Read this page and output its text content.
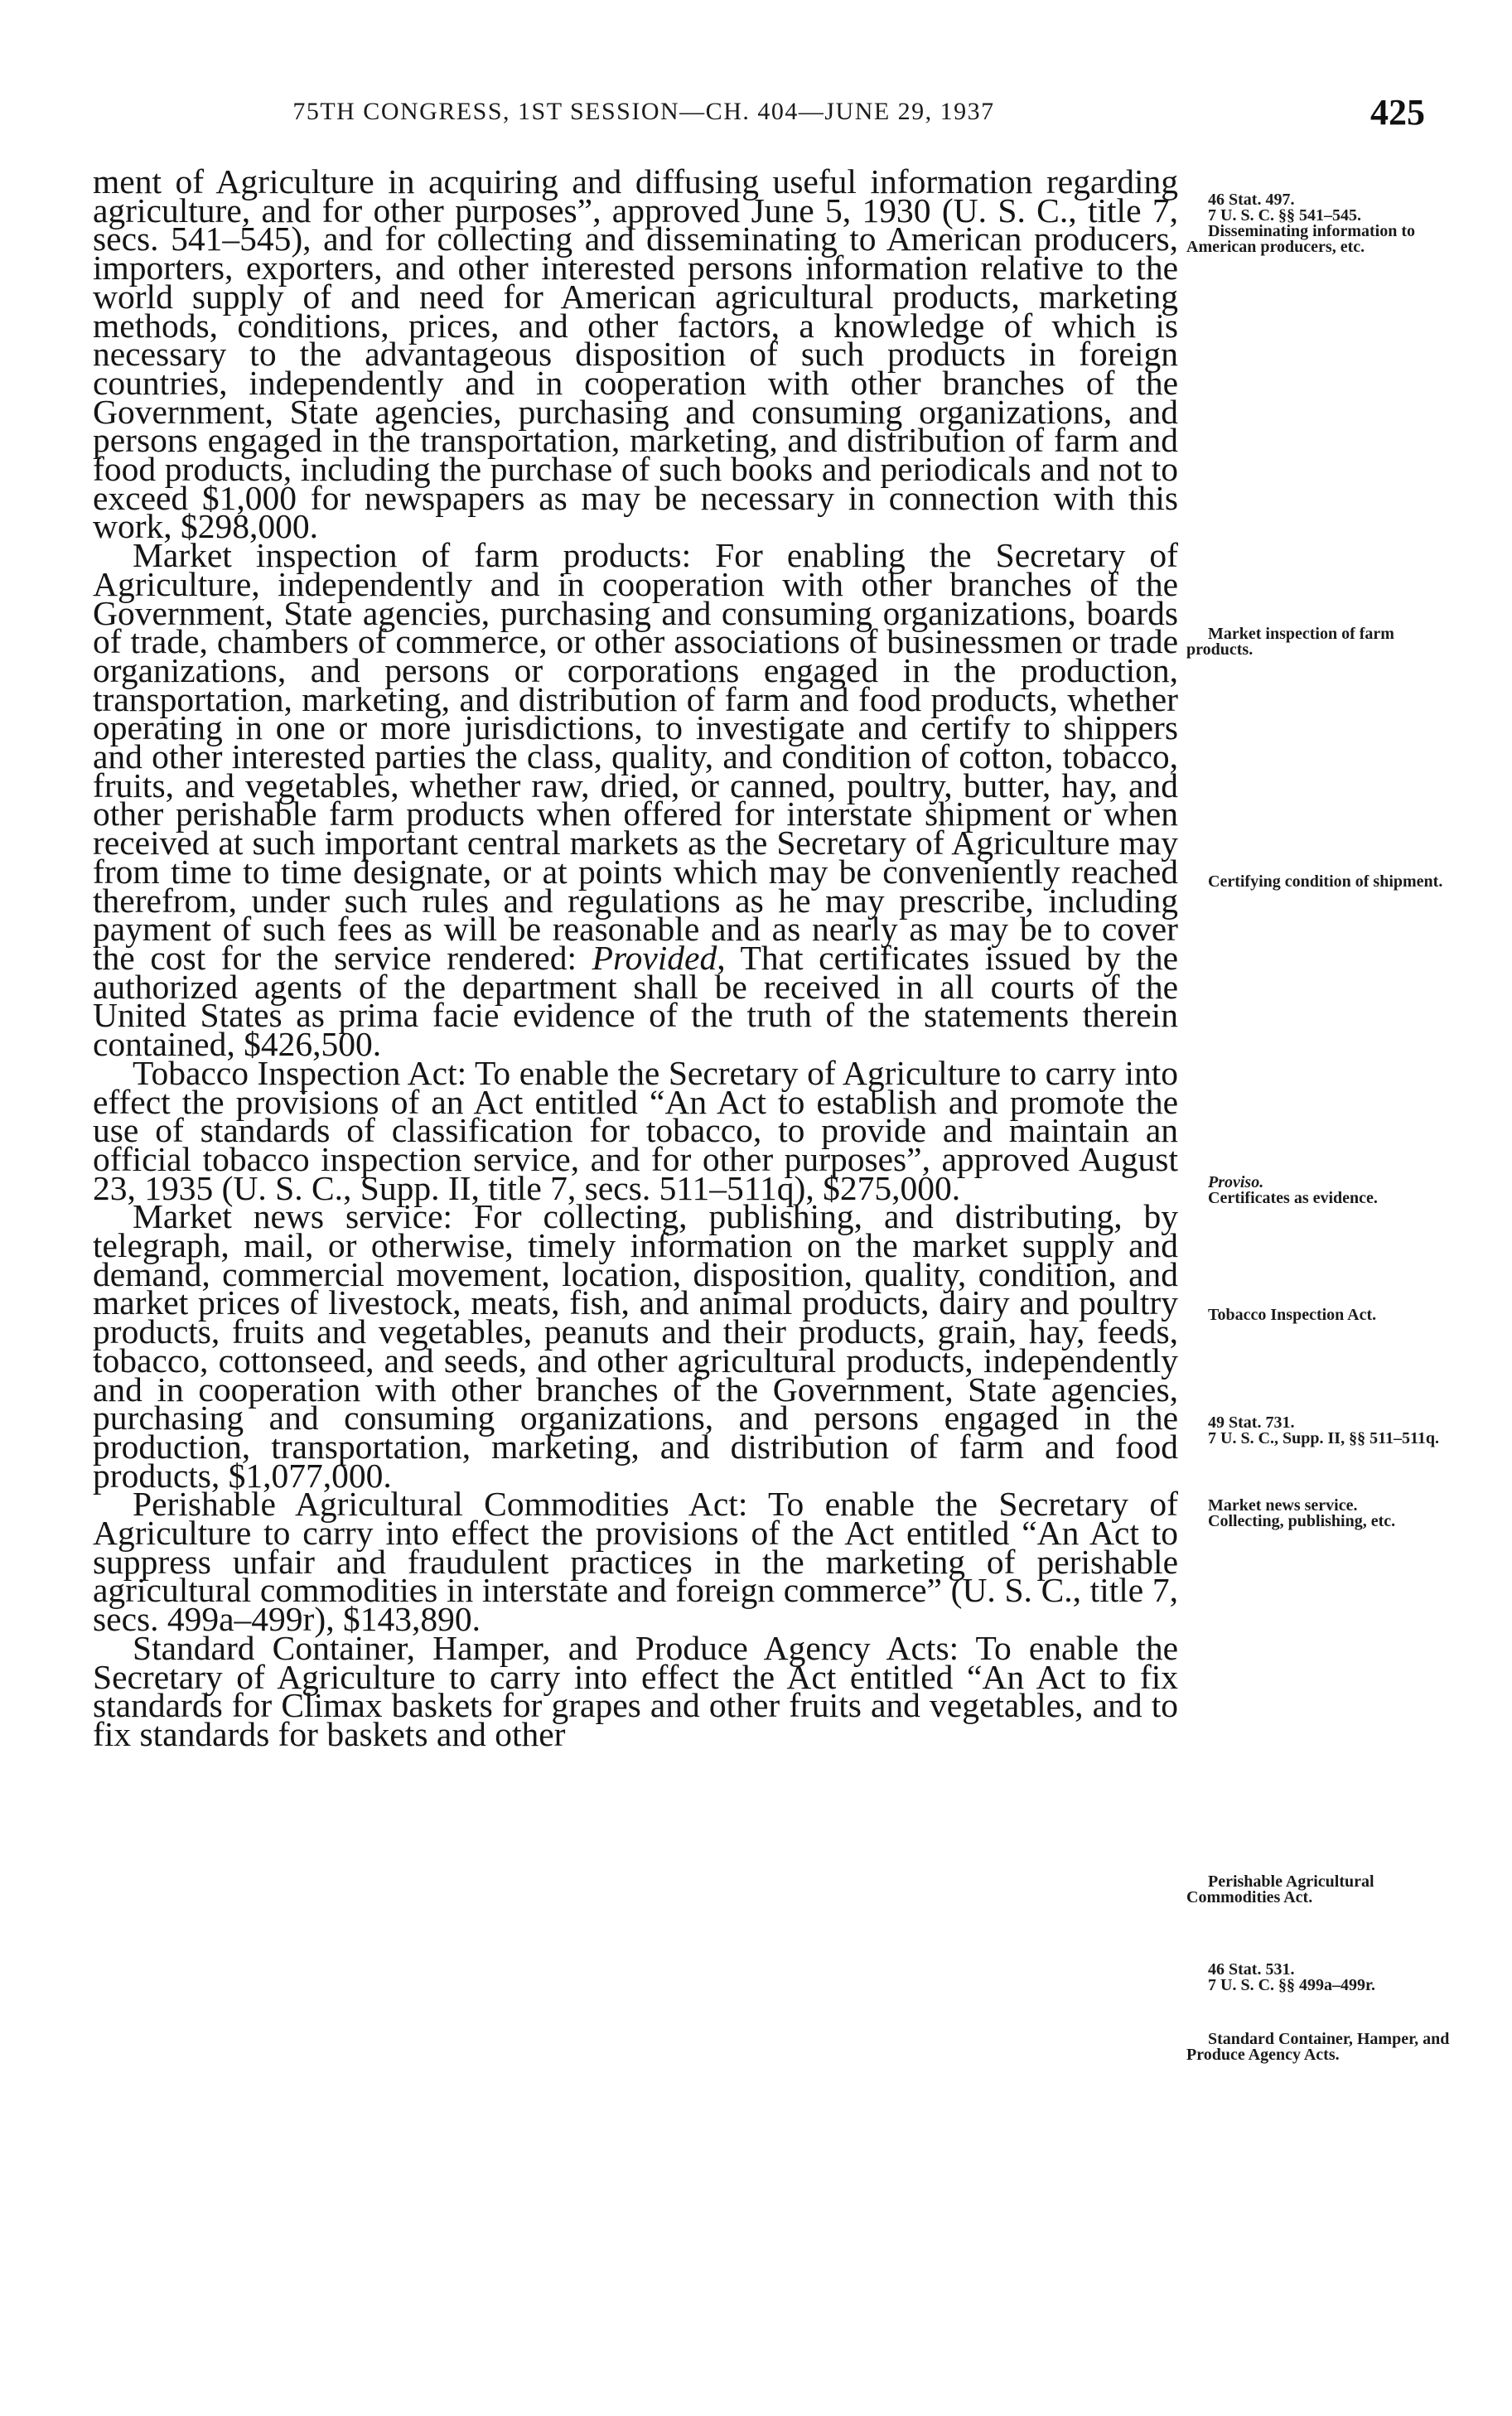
75TH CONGRESS, 1ST SESSION—CH. 404—JUNE 29, 1937	425

ment of Agriculture in acquiring and diffusing useful information regarding agriculture, and for other purposes”, approved June 5, 1930 (U. S. C., title 7, secs. 541–545), and for collecting and disseminating to American producers, importers, exporters, and other interested persons information relative to the world supply of and need for American agricultural products, marketing methods, conditions, prices, and other factors, a knowledge of which is necessary to the advantageous disposition of such products in foreign countries, independently and in cooperation with other branches of the Government, State agencies, purchasing and consuming organizations, and persons engaged in the transportation, marketing, and distribution of farm and food products, including the purchase of such books and periodicals and not to exceed $1,000 for newspapers as may be necessary in connection with this work, $298,000.

Market inspection of farm products: For enabling the Secretary of Agriculture, independently and in cooperation with other branches of the Government, State agencies, purchasing and consuming organizations, boards of trade, chambers of commerce, or other associations of businessmen or trade organizations, and persons or corporations engaged in the production, transportation, marketing, and distribution of farm and food products, whether operating in one or more jurisdictions, to investigate and certify to shippers and other interested parties the class, quality, and condition of cotton, tobacco, fruits, and vegetables, whether raw, dried, or canned, poultry, butter, hay, and other perishable farm products when offered for interstate shipment or when received at such important central markets as the Secretary of Agriculture may from time to time designate, or at points which may be conveniently reached therefrom, under such rules and regulations as he may prescribe, including payment of such fees as will be reasonable and as nearly as may be to cover the cost for the service rendered: Provided, That certificates issued by the authorized agents of the department shall be received in all courts of the United States as prima facie evidence of the truth of the statements therein contained, $426,500.

Tobacco Inspection Act: To enable the Secretary of Agriculture to carry into effect the provisions of an Act entitled “An Act to establish and promote the use of standards of classification for tobacco, to provide and maintain an official tobacco inspection service, and for other purposes”, approved August 23, 1935 (U. S. C., Supp. II, title 7, secs. 511–511q), $275,000.

Market news service: For collecting, publishing, and distributing, by telegraph, mail, or otherwise, timely information on the market supply and demand, commercial movement, location, disposition, quality, condition, and market prices of livestock, meats, fish, and animal products, dairy and poultry products, fruits and vegetables, peanuts and their products, grain, hay, feeds, tobacco, cottonseed, and seeds, and other agricultural products, independently and in cooperation with other branches of the Government, State agencies, purchasing and consuming organizations, and persons engaged in the production, transportation, marketing, and distribution of farm and food products, $1,077,000.

Perishable Agricultural Commodities Act: To enable the Secretary of Agriculture to carry into effect the provisions of the Act entitled “An Act to suppress unfair and fraudulent practices in the marketing of perishable agricultural commodities in interstate and foreign commerce” (U. S. C., title 7, secs. 499a–499r), $143,890.

Standard Container, Hamper, and Produce Agency Acts: To enable the Secretary of Agriculture to carry into effect the Act entitled “An Act to fix standards for Climax baskets for grapes and other fruits and vegetables, and to fix standards for baskets and other

46 Stat. 497.
7 U. S. C. §§ 541–545.
Disseminating information to American producers, etc.
Market inspection of farm products.
Certifying condition of shipment.
Proviso.
Certificates as evidence.
Tobacco Inspection Act.
49 Stat. 731.
7 U. S. C., Supp. II, §§ 511–511q.
Market news service.
Collecting, publishing, etc.
Perishable Agricultural Commodities Act.
46 Stat. 531.
7 U. S. C. §§ 499a–499r.
Standard Container, Hamper, and Produce Agency Acts.
